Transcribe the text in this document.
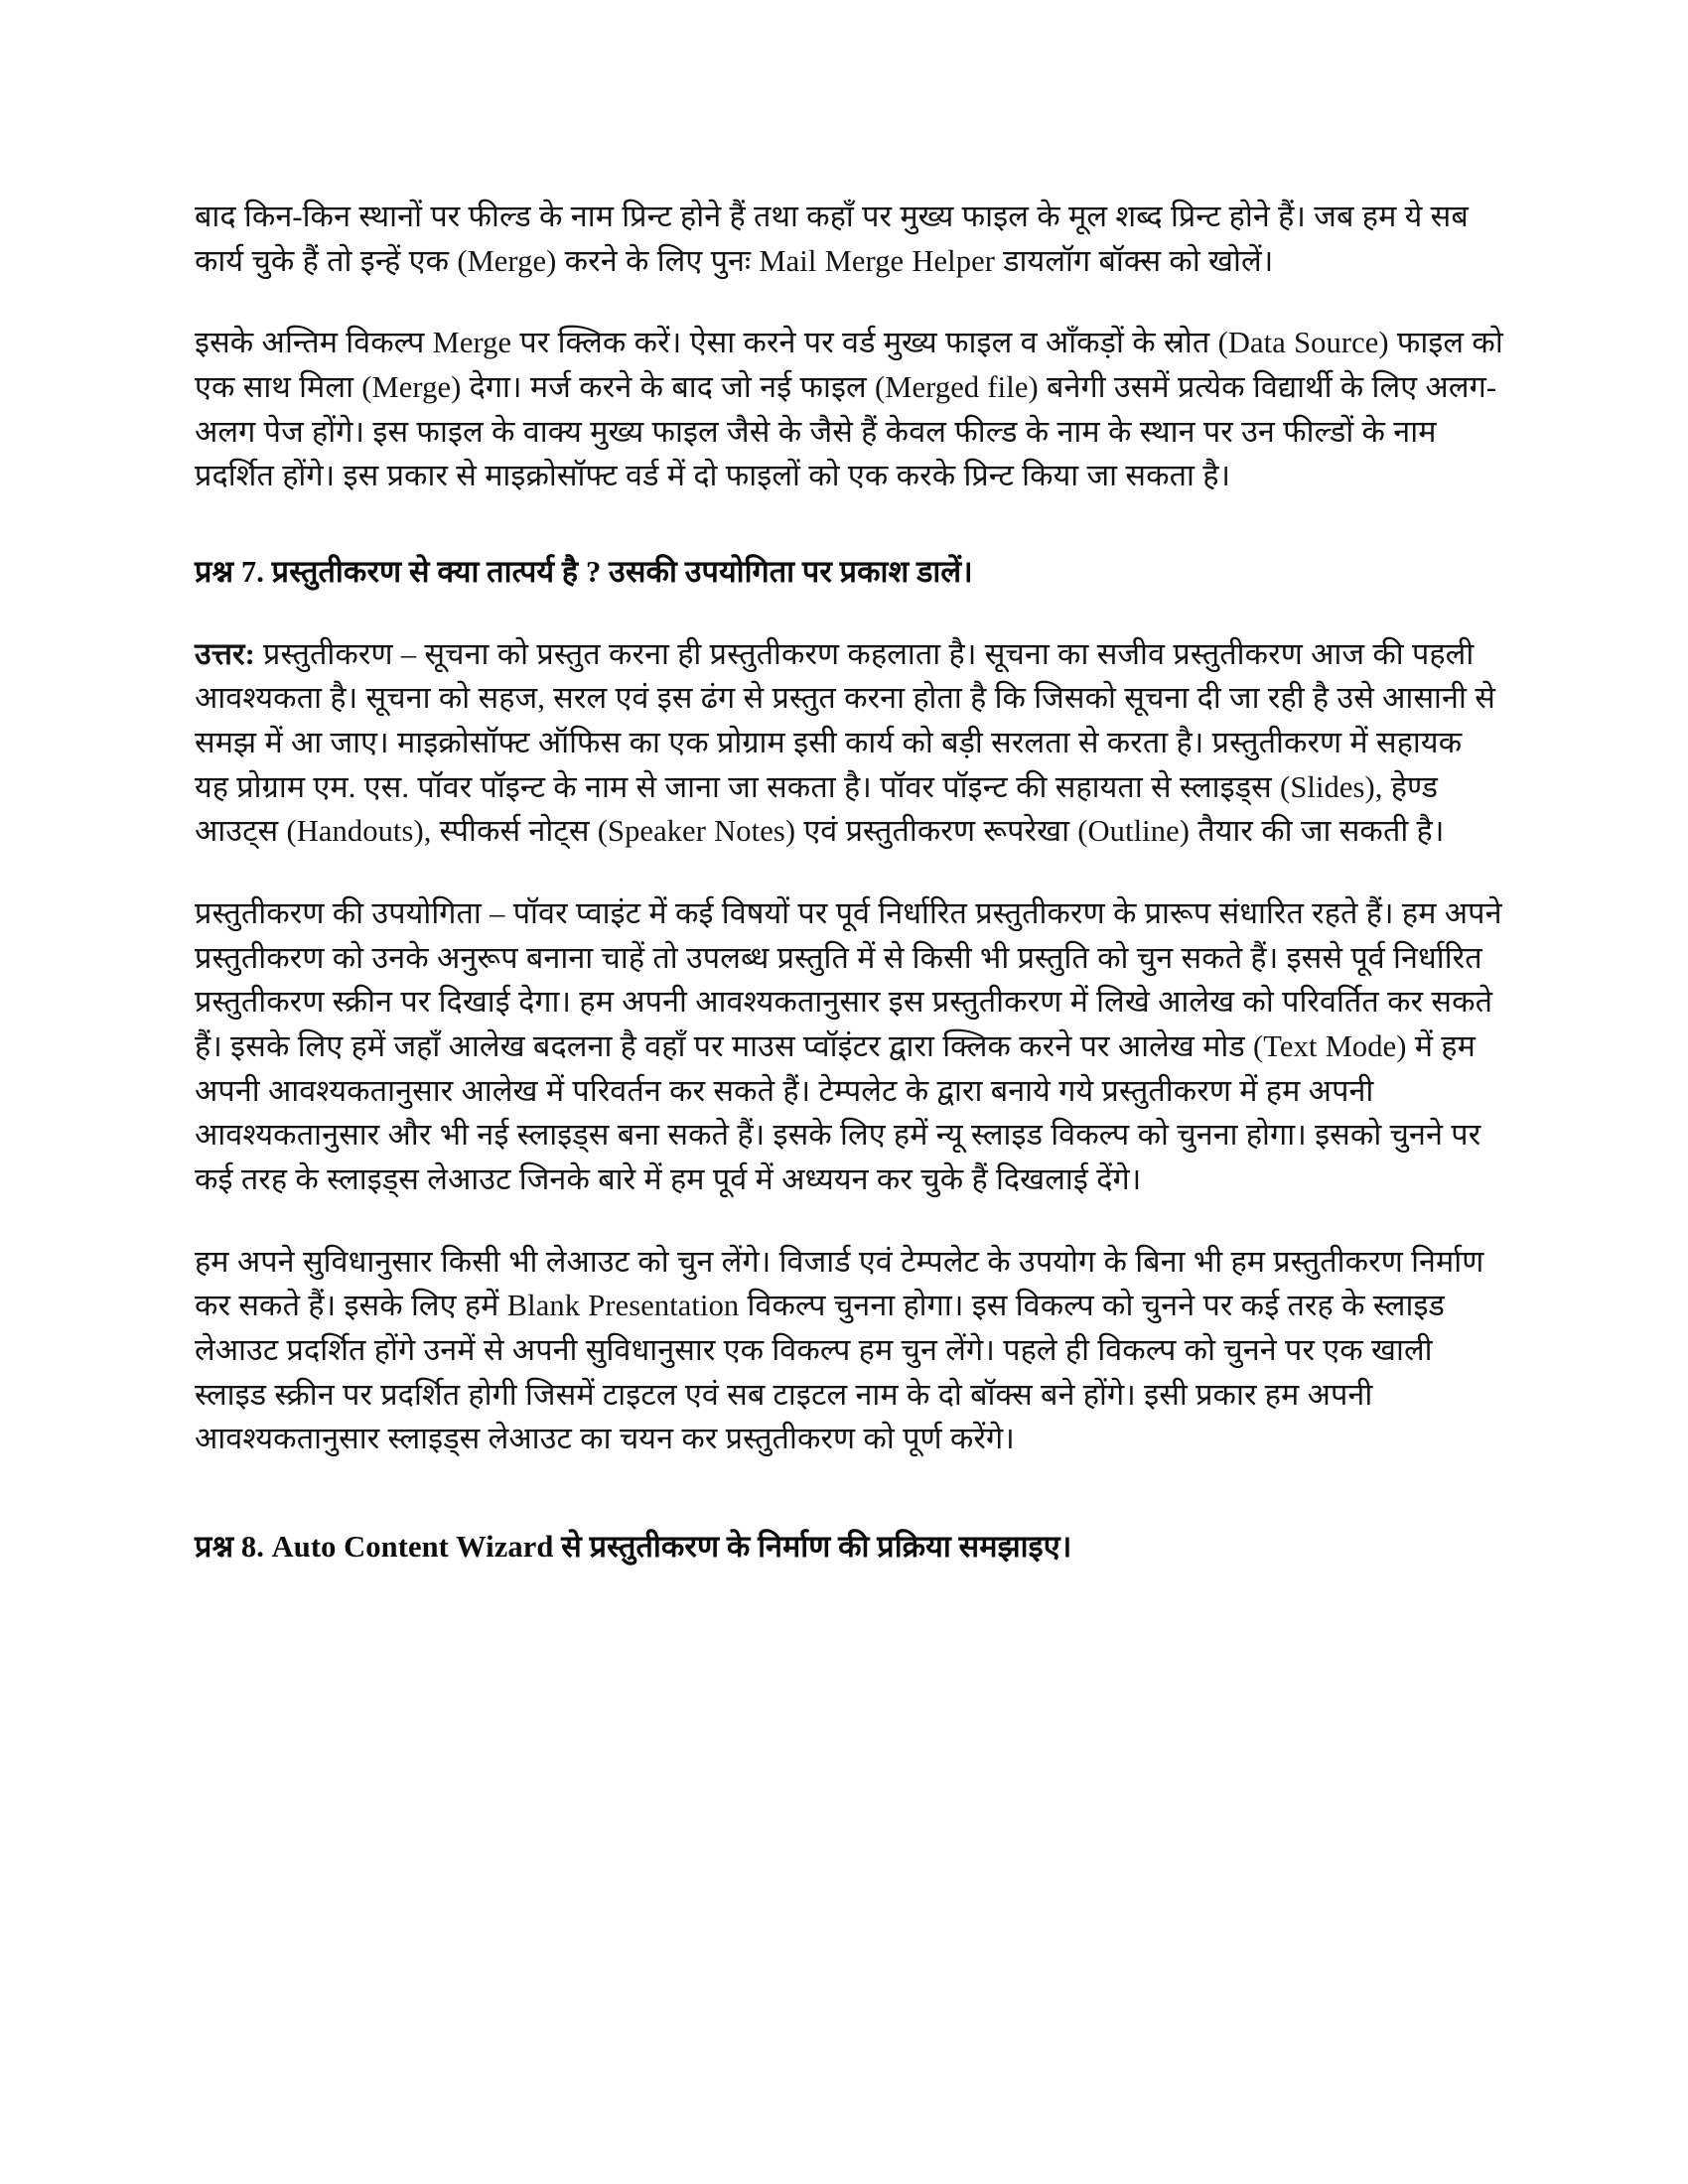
बाद किन-किन स्थानों पर फील्ड के नाम प्रिन्ट होने हैं तथा कहाँ पर मुख्य फाइल के मूल शब्द प्रिन्ट होने हैं। जब हम ये सब कार्य चुके हैं तो इन्हें एक (Merge) करने के लिए पुनः Mail Merge Helper डायलॉग बॉक्स को खोलें।

इसके अन्तिम विकल्प Merge पर क्लिक करें। ऐसा करने पर वर्ड मुख्य फाइल व आँकड़ों के स्रोत (Data Source) फाइल को एक साथ मिला (Merge) देगा। मर्ज करने के बाद जो नई फाइल (Merged file) बनेगी उसमें प्रत्येक विद्यार्थी के लिए अलग-अलग पेज होंगे। इस फाइल के वाक्य मुख्य फाइल जैसे के जैसे हैं केवल फील्ड के नाम के स्थान पर उन फील्डों के नाम प्रदर्शित होंगे। इस प्रकार से माइक्रोसॉफ्ट वर्ड में दो फाइलों को एक करके प्रिन्ट किया जा सकता है।

प्रश्न 7. प्रस्तुतीकरण से क्या तात्पर्य है ? उसकी उपयोगिता पर प्रकाश डालें।

उत्तर: प्रस्तुतीकरण – सूचना को प्रस्तुत करना ही प्रस्तुतीकरण कहलाता है। सूचना का सजीव प्रस्तुतीकरण आज की पहली आवश्यकता है। सूचना को सहज, सरल एवं इस ढंग से प्रस्तुत करना होता है कि जिसको सूचना दी जा रही है उसे आसानी से समझ में आ जाए। माइक्रोसॉफ्ट ऑफिस का एक प्रोग्राम इसी कार्य को बड़ी सरलता से करता है। प्रस्तुतीकरण में सहायक यह प्रोग्राम एम. एस. पॉवर पॉइन्ट के नाम से जाना जा सकता है। पॉवर पॉइन्ट की सहायता से स्लाइड्स (Slides), हेण्ड आउट्स (Handouts), स्पीकर्स नोट्स (Speaker Notes) एवं प्रस्तुतीकरण रूपरेखा (Outline) तैयार की जा सकती है।

प्रस्तुतीकरण की उपयोगिता – पॉवर प्वाइंट में कई विषयों पर पूर्व निर्धारित प्रस्तुतीकरण के प्रारूप संधारित रहते हैं। हम अपने प्रस्तुतीकरण को उनके अनुरूप बनाना चाहें तो उपलब्ध प्रस्तुति में से किसी भी प्रस्तुति को चुन सकते हैं। इससे पूर्व निर्धारित प्रस्तुतीकरण स्क्रीन पर दिखाई देगा। हम अपनी आवश्यकतानुसार इस प्रस्तुतीकरण में लिखे आलेख को परिवर्तित कर सकते हैं। इसके लिए हमें जहाँ आलेख बदलना है वहाँ पर माउस प्वॉइंटर द्वारा क्लिक करने पर आलेख मोड (Text Mode) में हम अपनी आवश्यकतानुसार आलेख में परिवर्तन कर सकते हैं। टेम्पलेट के द्वारा बनाये गये प्रस्तुतीकरण में हम अपनी आवश्यकतानुसार और भी नई स्लाइड्स बना सकते हैं। इसके लिए हमें न्यू स्लाइड विकल्प को चुनना होगा। इसको चुनने पर कई तरह के स्लाइड्स लेआउट जिनके बारे में हम पूर्व में अध्ययन कर चुके हैं दिखलाई देंगे।

हम अपने सुविधानुसार किसी भी लेआउट को चुन लेंगे। विजार्ड एवं टेम्पलेट के उपयोग के बिना भी हम प्रस्तुतीकरण निर्माण कर सकते हैं। इसके लिए हमें Blank Presentation विकल्प चुनना होगा। इस विकल्प को चुनने पर कई तरह के स्लाइड लेआउट प्रदर्शित होंगे उनमें से अपनी सुविधानुसार एक विकल्प हम चुन लेंगे। पहले ही विकल्प को चुनने पर एक खाली स्लाइड स्क्रीन पर प्रदर्शित होगी जिसमें टाइटल एवं सब टाइटल नाम के दो बॉक्स बने होंगे। इसी प्रकार हम अपनी आवश्यकतानुसार स्लाइड्स लेआउट का चयन कर प्रस्तुतीकरण को पूर्ण करेंगे।

प्रश्न 8. Auto Content Wizard से प्रस्तुतीकरण के निर्माण की प्रक्रिया समझाइए।
